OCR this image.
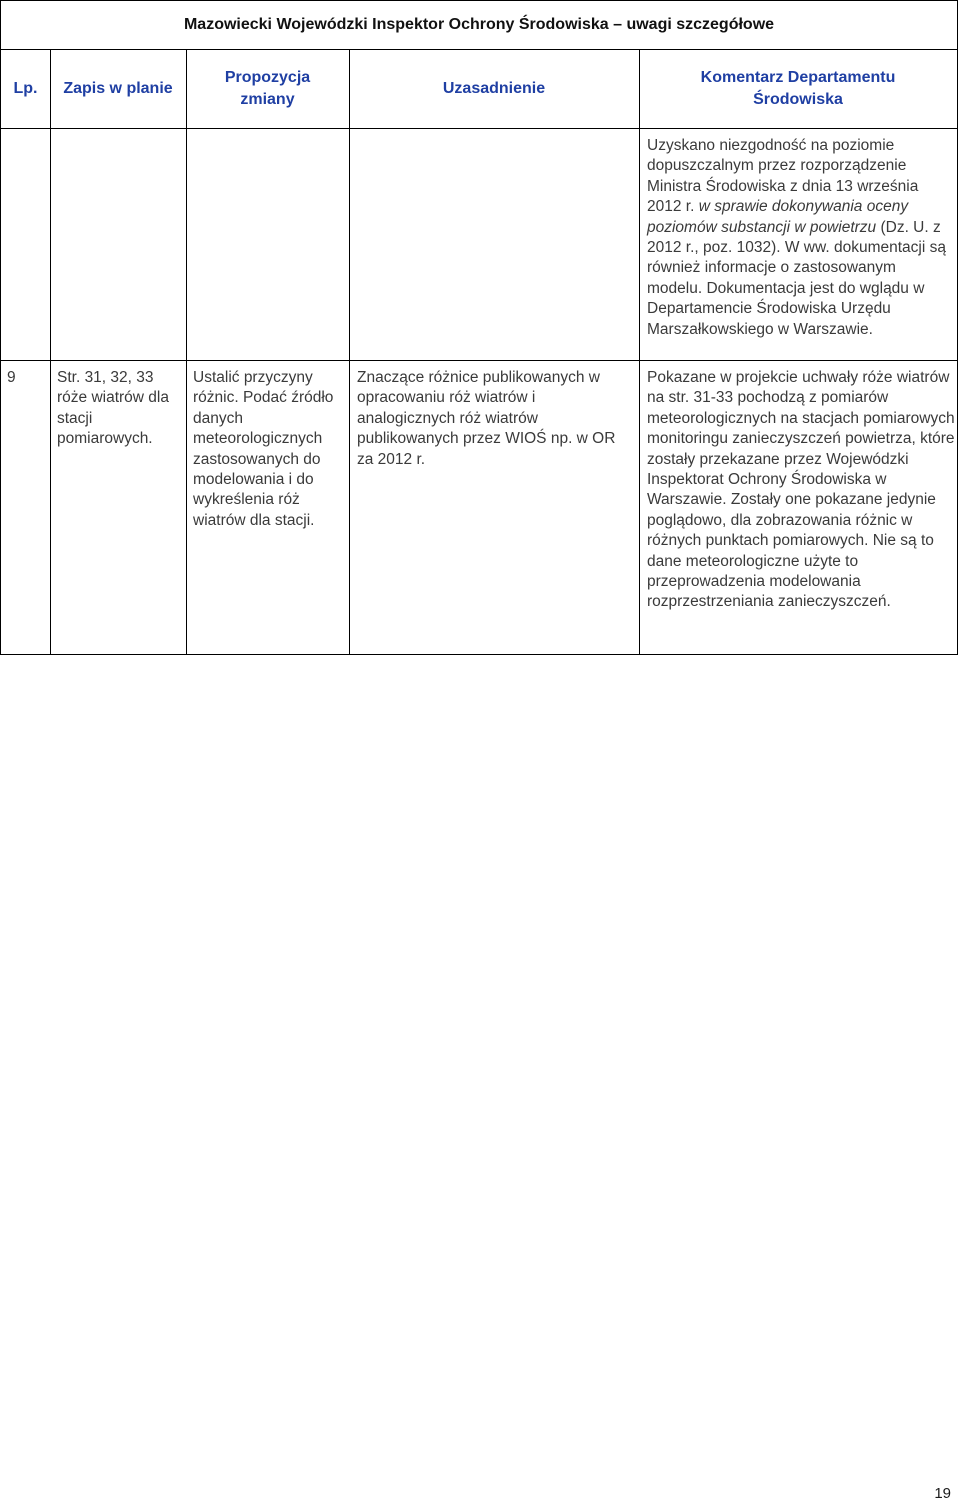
Mazowiecki Wojewódzki Inspektor Ochrony Środowiska – uwagi szczegółowe
Lp. Zapis w planie
Propozycja
zmiany
Uzasadnienie
Komentarz Departamentu
Środowiska

Uzyskano niezgodność na poziomie dopuszczalnym przez rozporządzenie Ministra Środowiska z dnia 13 września 2012 r. w sprawie dokonywania oceny poziomów substancji w powietrzu (Dz. U. z 2012 r., poz. 1032). W ww. dokumentacji są również informacje o zastosowanym modelu. Dokumentacja jest do wglądu w Departamencie Środowiska Urzędu Marszałkowskiego w Warszawie.

9	Str. 31, 32, 33 róże wiatrów dla stacji pomiarowych.
Ustalić przyczyny różnic. Podać źródło danych meteorologicznych zastosowanych do modelowania i do wykreślenia róż wiatrów dla stacji.
Znaczące różnice publikowanych w opracowaniu róż wiatrów i analogicznych róż wiatrów publikowanych przez WIOŚ np. w OR za 2012 r.
Pokazane w projekcie uchwały róże wiatrów na str. 31-33 pochodzą z pomiarów meteorologicznych na stacjach pomiarowych monitoringu zanieczyszczeń powietrza, które zostały przekazane przez Wojewódzki Inspektorat Ochrony Środowiska w Warszawie. Zostały one pokazane jedynie poglądowo, dla zobrazowania różnic w różnych punktach pomiarowych. Nie są to dane meteorologiczne użyte to przeprowadzenia modelowania rozprzestrzeniania zanieczyszczeń.
19
